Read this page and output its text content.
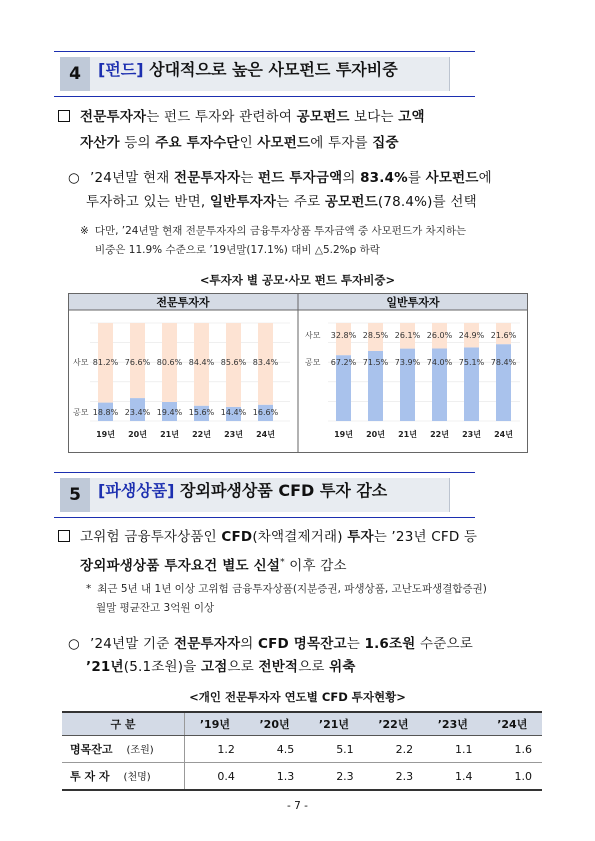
4	[펀드] 상대적으로 높은 사모펀드 투자비중
전문투자자는 펀드 투자와 관련하여 공모펀드 보다는 고액
자산가 등의 주요 투자수단인 사모펀드에 투자를 집중
○ ’24년말 현재 전문투자자는 펀드 투자금액의 83.4%를 사모펀드에
투자하고 있는 반면, 일반투자자는 주로 공모펀드(78.4%)를 선택
※ 다만, ’24년말 현재 전문투자자의 금융투자상품 투자금액 중 사모펀드가 차지하는
비중은 11.9% 수준으로 ’19년말(17.1%) 대비 △5.2%p 하락
<투자자 별 공모·사모 펀드 투자비중>
전문투자자	일반투자자
81.2%
18.8%
19년
76.6%
23.4%
20년
80.6%
19.4%
21년
84.4%
15.6%
22년
85.6%
14.4%
23년
83.4%
16.6%
24년
사모
공모
32.8%
67.2%
19년
28.5%
71.5%
20년
26.1%
73.9%
21년
26.0%
74.0%
22년
24.9%
75.1%
23년
21.6%
78.4%
24년
사모
공모
5	[파생상품] 장외파생상품 CFD 투자 감소
고위험 금융투자상품인 CFD(차액결제거래) 투자는 ’23년 CFD 등
장외파생상품 투자요건 별도 신설* 이후 감소
* 최근 5년 내 1년 이상 고위험 금융투자상품(지분증권, 파생상품, 고난도파생결합증권)
월말 평균잔고 3억원 이상
○ ’24년말 기준 전문투자자의 CFD 명목잔고는 1.6조원 수준으로
’21년(5.1조원)을 고점으로 전반적으로 위축
<개인 전문투자자 연도별 CFD 투자현황>
구 분	’19년	’20년	’21년	’22년	’23년	’24년
명목잔고 (조원)	1.2	4.5	5.1	2.2	1.1	1.6
투 자 자 (천명)	0.4	1.3	2.3	2.3	1.4	1.0
- 7 -
